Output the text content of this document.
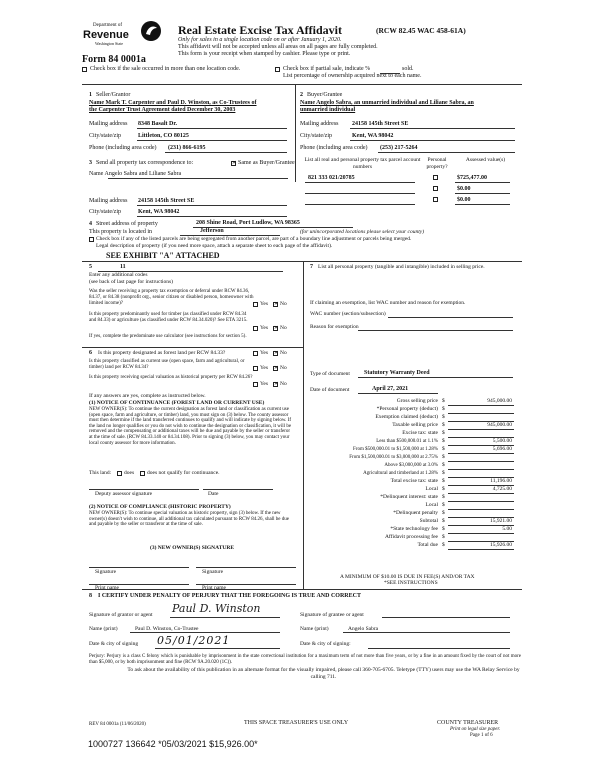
Department of
Revenue
Washington State
Form 84 0001a
Real Estate Excise Tax Affidavit	(RCW 82.45 WAC 458-61A)
Only for sales in a single location code on or after January 1, 2020.
This affidavit will not be accepted unless all areas on all pages are fully completed.
This form is your receipt when stamped by cashier. Please type or print.
Check box if the sale occurred in more than one location code.	Check box if partial sale, indicate %	sold.
List percentage of ownership acquired next to each name.
1 Seller/Grantor
Name Mark T. Carpenter and Paul D. Winston, as Co-Trustees of
the Carpenter Trust Agreement dated December 30, 2003
Mailing address 8348 Basalt Dr.
City/state/zip	Littleton, CO 80125
Phone (including area code) (231) 866-6195
2 Buyer/Grantee
Name Angelo Sabra, an unmarried individual and Liliane Sabra, an
unmarried individual
Mailing address 24158 145th Street SE
City/state/zip	Kent, WA 98042
Phone (including area code) (253) 217-5264
3 Send all property tax correspondence to:	✕ Same as Buyer/Grantee
Name Angelo Sabra and Liliane Sabra
Mailing address 24158 145th Street SE
City/state/zip	Kent, WA 98042
List all real and personal property tax parcel account numbers
Personal property?
Assessed value(s)
821 333 021/20785	$725,477.00
$0.00
$0.00
4 Street address of property	208 Shine Road, Port Ludlow, WA 98365
This property is located in	Jefferson	(for unincorporated locations please select your county)
Check box if any of the listed parcels are being segregated from another parcel, are part of a boundary line adjustment or parcels being merged.
Legal description of property (if you need more space, attach a separate sheet to each page of the affidavit).
SEE EXHIBIT "A" ATTACHED
5	11
Enter any additional codes
(see back of last page for instructions)
Was the seller receiving a property tax exemption or deferral under RCW 84.36, 84.37, or 84.38 (nonprofit org., senior citizen or disabled person, homeowner with limited income)?	Yes ✕ No
Is this property predominantly used for timber (as classified under RCW 84.34 and 84.33) or agriculture (as classified under RCW 84.34.020)? See ETA 3215.
Yes ✕ No
If yes, complete the predominate use calculator (see instructions for section 5).
6 Is this property designated as forest land per RCW 84.33?	Yes ✕ No
Is this property classified as current use (open space, farm and agricultural, or timber) land per RCW 84.34?	Yes ✕ No
Is this property receiving special valuation as historical property per RCW 84.26?
Yes ✕ No
If any answers are yes, complete as instructed below.
(1) NOTICE OF CONTINUANCE (FOREST LAND OR CURRENT USE)
NEW OWNER(S): To continue the current designation as forest land or classification as current use (open space, farm and agriculture, or timber) land, you must sign on (3) below. The county assessor must then determine if the land transferred continues to qualify and will indicate by signing below. If the land no longer qualifies or you do not wish to continue the designation or classification, it will be removed and the compensating or additional taxes will be due and payable by the seller or transferor at the time of sale. (RCW 84.33.140 or 84.34.108). Prior to signing (3) below, you may contact your local county assessor for more information.
This land: does does not qualify for continuance.
Deputy assessor signature	Date
(2) NOTICE OF COMPLIANCE (HISTORIC PROPERTY)
NEW OWNER(S): To continue special valuation as historic property, sign (3) below. If the new owner(s) doesn't wish to continue, all additional tax calculated pursuant to RCW 84.26, shall be due and payable by the seller or transferor at the time of sale.
(3) NEW OWNER(S) SIGNATURE
Signature	Signature
Print name	Print name
7 List all personal property (tangible and intangible) included in selling price.
If claiming an exemption, list WAC number and reason for exemption.
WAC number (section/subsection)
Reason for exemption
Type of document Statutory Warranty Deed
Date of document	April 27, 2021
Gross selling price $	945,000.00
*Personal property (deduct) $
Exemption claimed (deduct) $
Taxable selling price $	945,000.00
Excise tax: state $
Less than $500,000.01 at 1.1% $	5,500.00
From $500,000.01 to $1,500,000 at 1.28% $	5,696.00
From $1,500,000.01 to $3,000,000 at 2.75% $
Above $3,000,000 at 3.0% $
Agricultural and timberland at 1.28% $
Total excise tax: state $	11,196.00
Local $	4,725.00
*Delinquent interest: state $
Local $
*Delinquent penalty $
Subtotal $	15,921.00
*State technology fee $	5.00
Affidavit processing fee $
Total due $	15,926.00
A MINIMUM OF $10.00 IS DUE IN FEE(S) AND/OR TAX
*SEE INSTRUCTIONS
8 I CERTIFY UNDER PENALTY OF PERJURY THAT THE FOREGOING IS TRUE AND CORRECT
Signature of grantor or agent Paul D. Winston	Signature of grantee or agent
Name (print)	Paul D. Winston, Co-Trustee	Name (print)	Angelo Sabra
Date & city of signing 05/01/2021	Date & city of signing:
Perjury: Perjury is a class C felony which is punishable by imprisonment in the state correctional institution for a maximum term of not more than five years, or by a fine in an amount fixed by the court of not more than $5,000, or by both imprisonment and fine (RCW 9A.20.020 (1C)).
To ask about the availability of this publication in an alternate format for the visually impaired, please call 360-705-6705. Teletype (TTY) users may use the WA Relay Service by calling 711.
REV 84 0001a (11/06/2020)	THIS SPACE TREASURER'S USE ONLY	COUNTY TREASURER
Print on legal size paper.
Page 1 of 6
1000727 136642 *05/03/2021 $15,926.00*
